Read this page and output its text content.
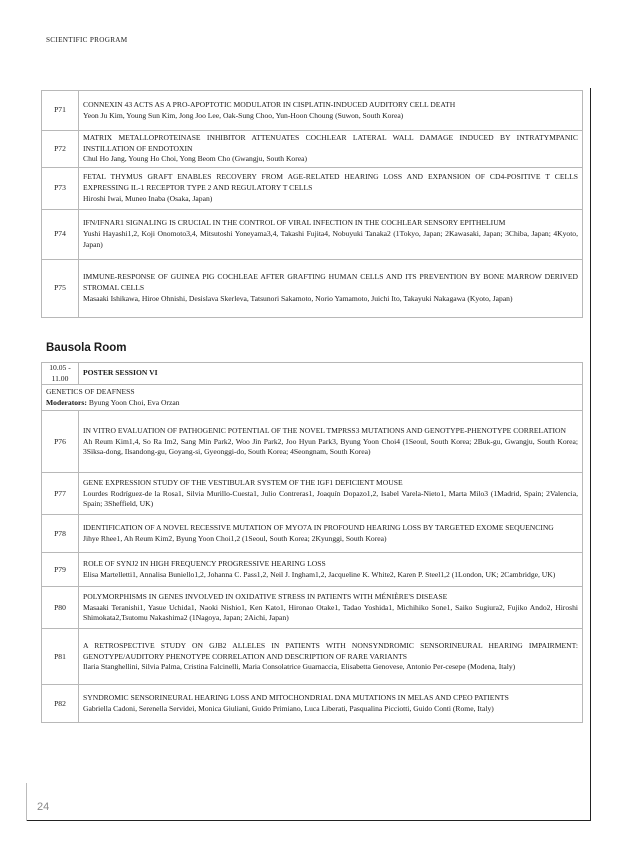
SCIENTIFIC PROGRAM
P71	CONNEXIN 43 ACTS AS A PRO-APOPTOTIC MODULATOR IN CISPLATIN-INDUCED AUDITORY CELL DEATH
Yeon Ju Kim, Young Sun Kim, Jong Joo Lee, Oak-Sung Choo, Yun-Hoon Choung (Suwon, South Korea)

P72	MATRIX METALLOPROTEINASE INHIBITOR ATTENUATES COCHLEAR LATERAL WALL DAMAGE INDUCED BY INTRATYMPANIC INSTILLATION OF ENDOTOXIN
Chul Ho Jang, Young Ho Choi, Yong Beom Cho (Gwangju, South Korea)

P73	FETAL THYMUS GRAFT ENABLES RECOVERY FROM AGE-RELATED HEARING LOSS AND EXPANSION OF CD4-POSITIVE T CELLS EXPRESSING IL-1 RECEPTOR TYPE 2 AND REGULATORY T CELLS
Hiroshi Iwai, Muneo Inaba (Osaka, Japan)

P74	IFN/IFNAR1 SIGNALING IS CRUCIAL IN THE CONTROL OF VIRAL INFECTION IN THE COCHLEAR SENSORY EPITHELIUM
Yushi Hayashi1,2, Koji Onomoto3,4, Mitsutoshi Yoneyama3,4, Takashi Fujita4, Nobuyuki Tanaka2 (1Tokyo, Japan; 2Kawasaki, Japan; 3Chiba, Japan; 4Kyoto, Japan)

P75	IMMUNE-RESPONSE OF GUINEA PIG COCHLEAE AFTER GRAFTING HUMAN CELLS AND ITS PREVENTION BY BONE MARROW DERIVED STROMAL CELLS
Masaaki Ishikawa, Hiroe Ohnishi, Desislava Skerleva, Tatsunori Sakamoto, Norio Yamamoto, Juichi Ito, Takayuki Nakagawa (Kyoto, Japan)
Bausola Room
10.05 - 11.00	POSTER SESSION VI

GENETICS OF DEAFNESS
Moderators: Byung Yoon Choi, Eva Orzan	

P76	IN VITRO EVALUATION OF PATHOGENIC POTENTIAL OF THE NOVEL TMPRSS3 MUTATIONS AND GENOTYPE-PHENOTYPE CORRELATION
Ah Reum Kim1,4, So Ra Im2, Sang Min Park2, Woo Jin Park2, Joo Hyun Park3, Byung Yoon Choi4 (1Seoul, South Korea; 2Buk-gu, Gwangju, South Korea; 3Siksa-dong, Ilsandong-gu, Goyang-si, Gyeonggi-do, South Korea; 4Seongnam, South Korea)

P77	GENE EXPRESSION STUDY OF THE VESTIBULAR SYSTEM OF THE IGF1 DEFICIENT MOUSE
Lourdes Rodríguez-de la Rosa1, Silvia Murillo-Cuesta1, Julio Contreras1, Joaquín Dopazo1,2, Isabel Varela-Nieto1, Marta Milo3 (1Madrid, Spain; 2Valencia, Spain; 3Sheffield, UK)

P78	IDENTIFICATION OF A NOVEL RECESSIVE MUTATION OF MYO7A IN PROFOUND HEARING LOSS BY TARGETED EXOME SEQUENCING
Jihye Rhee1, Ah Reum Kim2, Byung Yoon Choi1,2 (1Seoul, South Korea; 2Kyunggi, South Korea)

P79	ROLE OF SYNJ2 IN HIGH FREQUENCY PROGRESSIVE HEARING LOSS
Elisa Martelletti1, Annalisa Buniello1,2, Johanna C. Pass1,2, Neil J. Ingham1,2, Jacqueline K. White2, Karen P. Steel1,2 (1London, UK; 2Cambridge, UK)

P80	POLYMORPHISMS IN GENES INVOLVED IN OXIDATIVE STRESS IN PATIENTS WITH MÉNIÈRE'S DISEASE
Masaaki Teranishi1, Yasue Uchida1, Naoki Nishio1, Ken Kato1, Hironao Otake1, Tadao Yoshida1, Michihiko Sone1, Saiko Sugiura2, Fujiko Ando2, Hiroshi Shimokata2,Tsutomu Nakashima2 (1Nagoya, Japan; 2Aichi, Japan)

P81	A RETROSPECTIVE STUDY ON GJB2 ALLELES IN PATIENTS WITH NONSYNDROMIC SENSORINEURAL HEARING IMPAIRMENT: GENOTYPE/AUDITORY PHENOTYPE CORRELATION AND DESCRIPTION OF RARE VARIANTS
Ilaria Stanghellini, Silvia Palma, Cristina Falcinelli, Maria Consolatrice Guarnaccia, Elisabetta Genovese, Antonio Per-cesepe (Modena, Italy)

P82	SYNDROMIC SENSORINEURAL HEARING LOSS AND MITOCHONDRIAL DNA MUTATIONS IN MELAS AND CPEO PATIENTS
Gabriella Cadoni, Serenella Servidei, Monica Giuliani, Guido Primiano, Luca Liberati, Pasqualina Picciotti, Guido Conti (Rome, Italy)
24
